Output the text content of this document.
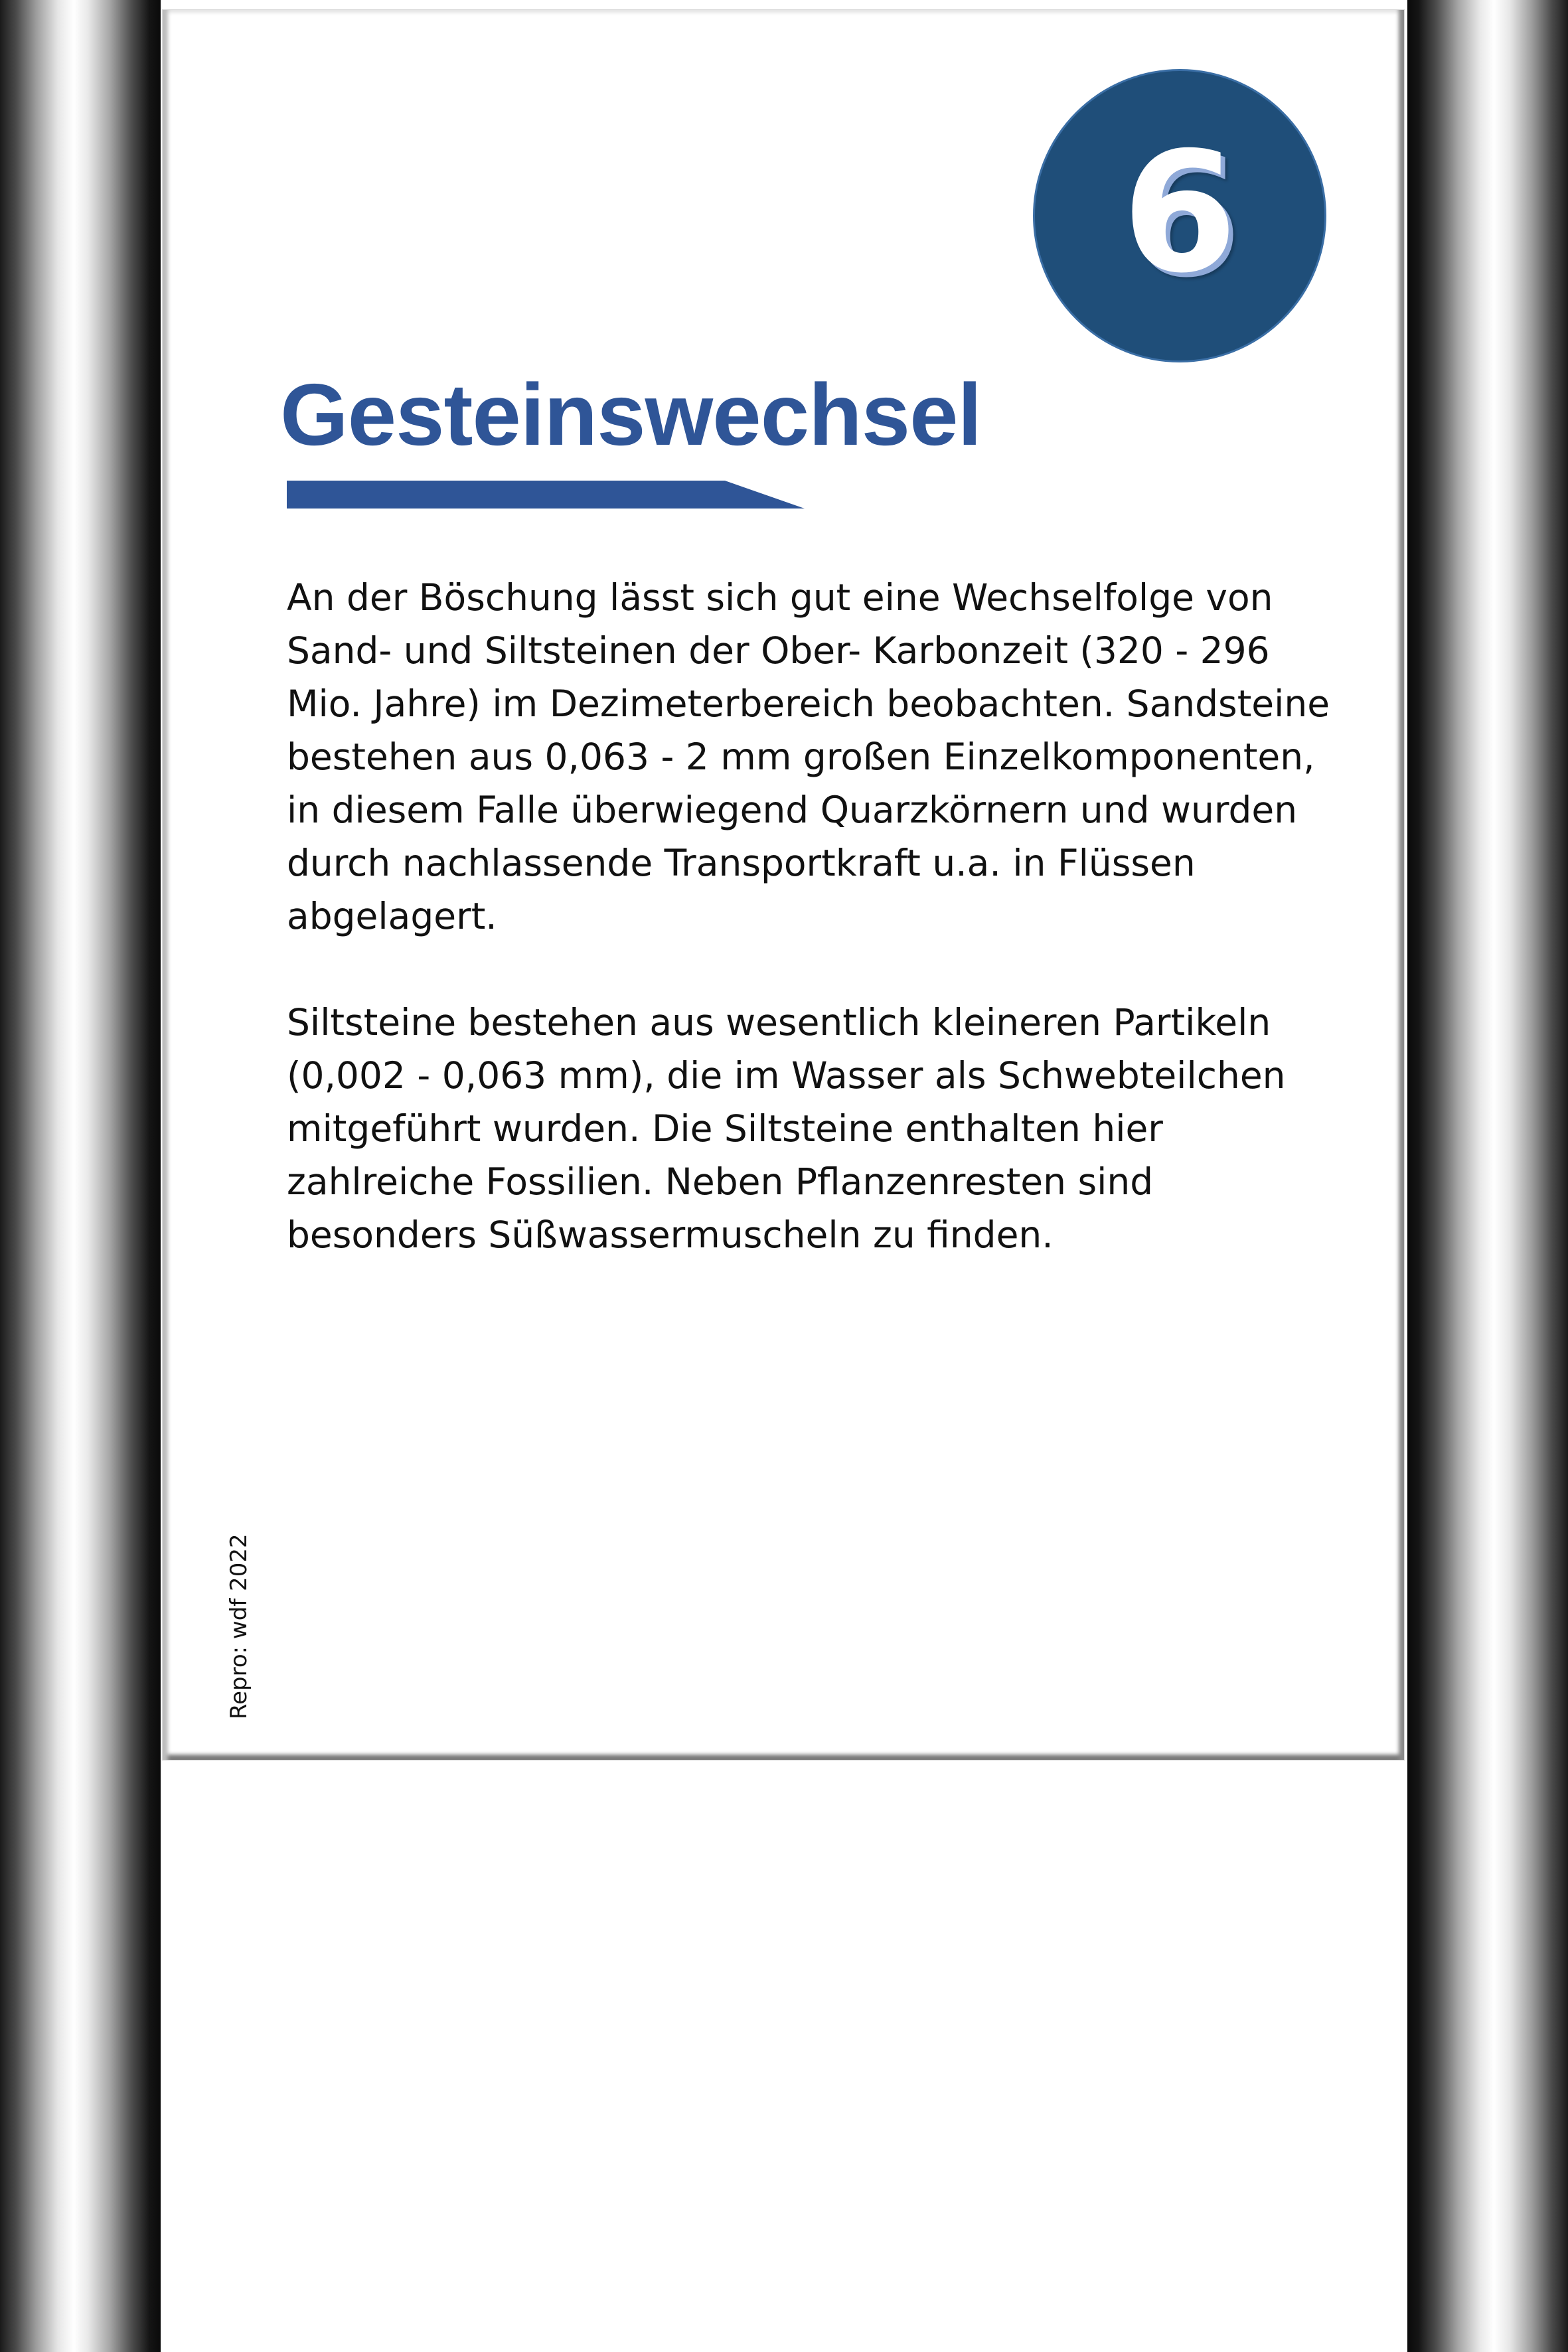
6
Gesteinswechsel

An der Böschung lässt sich gut eine Wechselfolge von Sand- und Siltsteinen der Ober- Karbonzeit (320 - 296 Mio. Jahre) im Dezimeterbereich beobachten. Sandsteine bestehen aus 0,063 - 2 mm großen Einzelkomponenten, in diesem Falle überwiegend Quarzkörnern und wurden durch nachlassende Transportkraft u.a. in Flüssen abgelagert.

Siltsteine bestehen aus wesentlich kleineren Partikeln (0,002 - 0,063 mm), die im Wasser als Schwebteilchen mitgeführt wurden. Die Siltsteine enthalten hier zahlreiche Fossilien. Neben Pflanzenresten sind besonders Süßwassermuscheln zu finden.

Repro: wdf 2022
